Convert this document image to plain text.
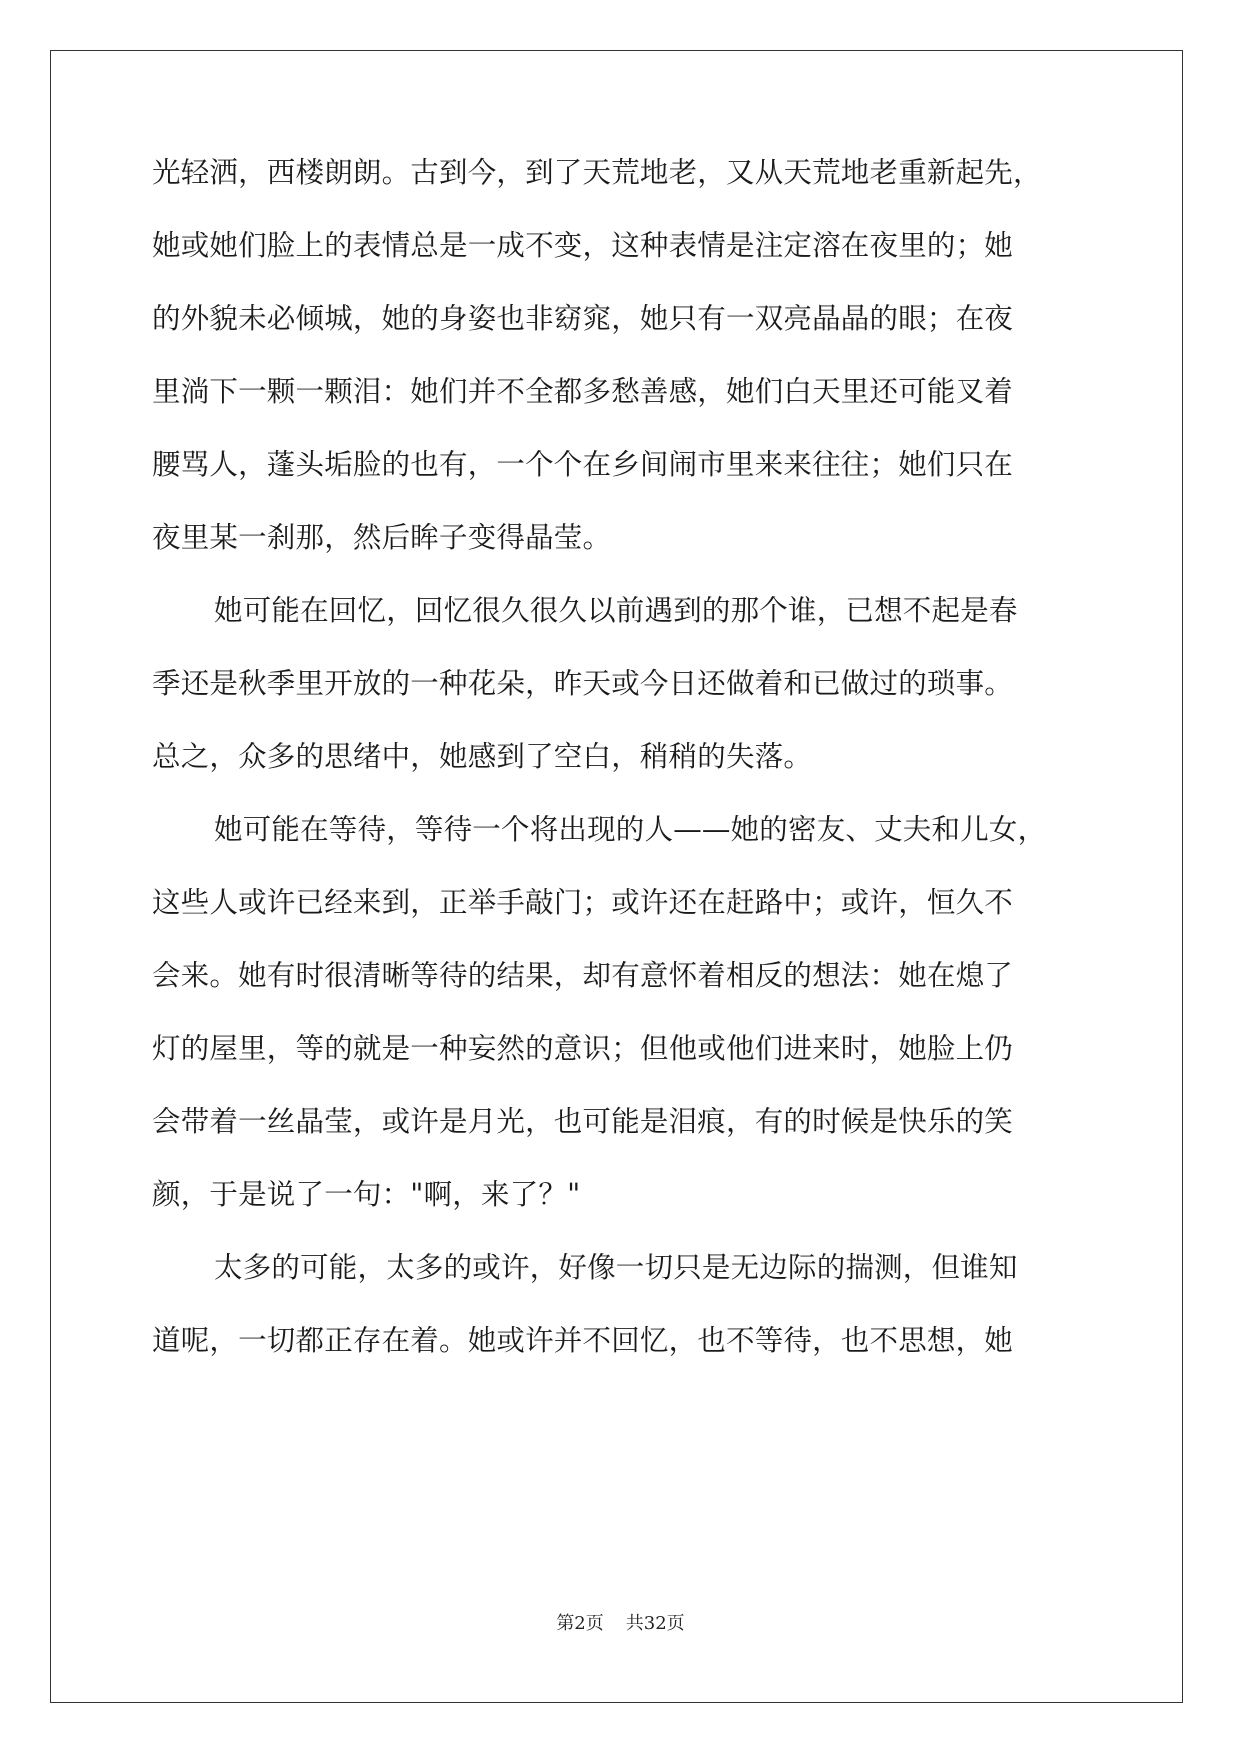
光轻洒，西楼朗朗。古到今，到了天荒地老，又从天荒地老重新起先，
她或她们脸上的表情总是一成不变，这种表情是注定溶在夜里的；她
的外貌未必倾城，她的身姿也非窈窕，她只有一双亮晶晶的眼；在夜
里淌下一颗一颗泪：她们并不全都多愁善感，她们白天里还可能叉着
腰骂人，蓬头垢脸的也有，一个个在乡间闹市里来来往往；她们只在
夜里某一刹那，然后眸子变得晶莹。
她可能在回忆，回忆很久很久以前遇到的那个谁，已想不起是春
季还是秋季里开放的一种花朵，昨天或今日还做着和已做过的琐事。
总之，众多的思绪中，她感到了空白，稍稍的失落。
她可能在等待，等待一个将出现的人——她的密友、丈夫和儿女，
这些人或许已经来到，正举手敲门；或许还在赶路中；或许，恒久不
会来。她有时很清晰等待的结果，却有意怀着相反的想法：她在熄了
灯的屋里，等的就是一种妄然的意识；但他或他们进来时，她脸上仍
会带着一丝晶莹，或许是月光，也可能是泪痕，有的时候是快乐的笑
颜，于是说了一句："啊，来了？"
太多的可能，太多的或许，好像一切只是无边际的揣测，但谁知
道呢，一切都正存在着。她或许并不回忆，也不等待，也不思想，她
第2页 共32页
